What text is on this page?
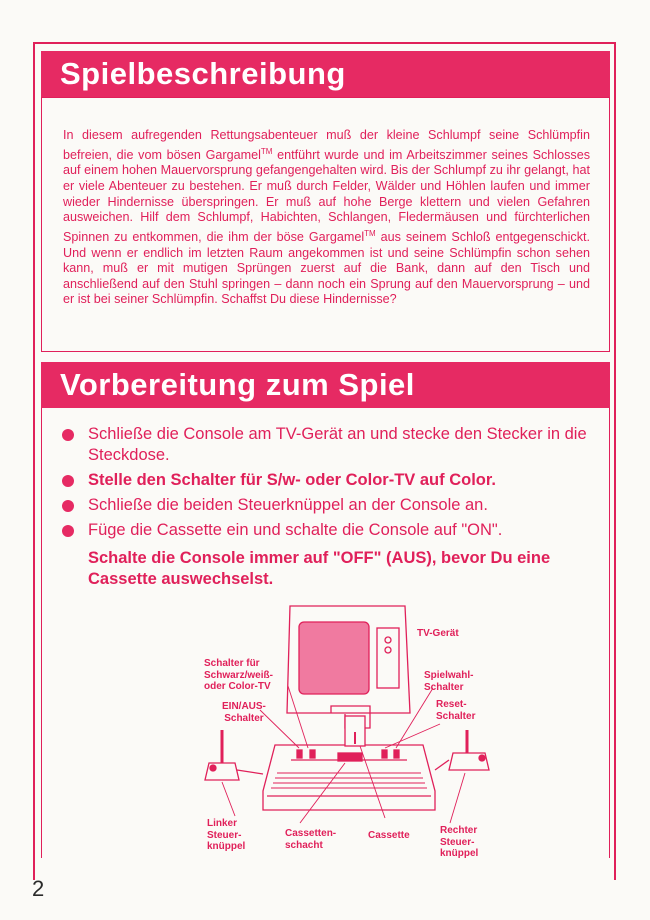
Spielbeschreibung

In diesem aufregenden Rettungsabenteuer muß der kleine Schlumpf seine Schlümpfin befreien, die vom bösen Gargamel™ entführt wurde und im Arbeitszimmer seines Schlosses auf einem hohen Mauervorsprung gefangengehalten wird. Bis der Schlumpf zu ihr gelangt, hat er viele Abenteuer zu bestehen. Er muß durch Felder, Wälder und Höhlen laufen und immer wieder Hindernisse überspringen. Er muß auf hohe Berge klettern und vielen Gefahren ausweichen. Hilf dem Schlumpf, Habichten, Schlangen, Fledermäusen und fürchterlichen Spinnen zu entkommen, die ihm der böse Gargamel™ aus seinem Schloß entgegenschickt. Und wenn er endlich im letzten Raum angekommen ist und seine Schlümpfin schon sehen kann, muß er mit mutigen Sprüngen zuerst auf die Bank, dann auf den Tisch und anschließend auf den Stuhl springen – dann noch ein Sprung auf den Mauervorsprung – und er ist bei seiner Schlümpfin. Schaffst Du diese Hindernisse?

Vorbereitung zum Spiel
Schließe die Console am TV-Gerät an und stecke den Stecker in die Steckdose.
Stelle den Schalter für S/w- oder Color-TV auf Color.
Schließe die beiden Steuerknüppel an der Console an.
Füge die Cassette ein und schalte die Console auf "ON".

Schalte die Console immer auf "OFF" (AUS), bevor Du eine Cassette auswechselst.

TV-Gerät
Schalter für
Schwarz/weiß-
oder Color-TV
EIN/AUS-
Schalter
Spielwahl-
Schalter
Reset-
Schalter
Linker
Steuer-
knüppel
Cassetten-
schacht
Cassette	Rechter
Steuer-
knüppel
2
